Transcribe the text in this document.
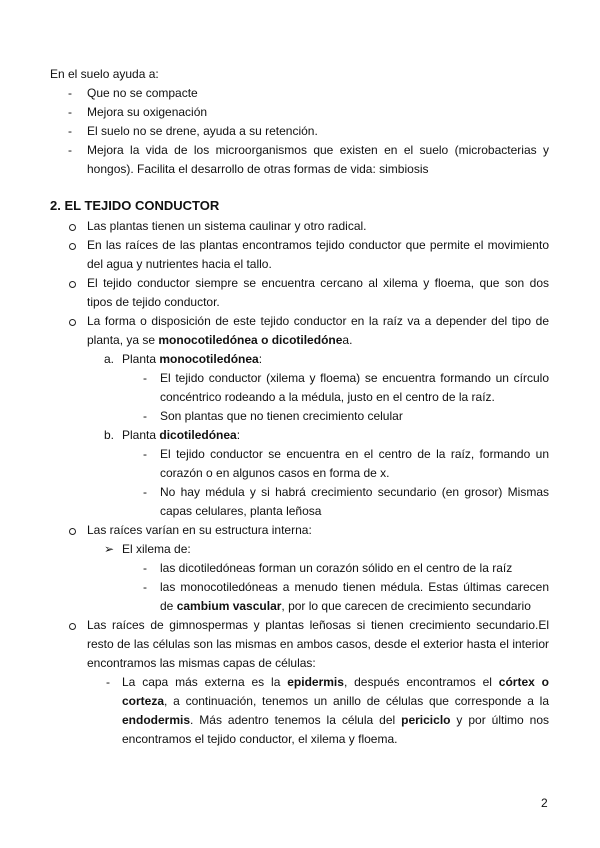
En el suelo ayuda a:

- Que no se compacte

- Mejora su oxigenación

- El suelo no se drene, ayuda a su retención.

- Mejora la vida de los microorganismos que existen en el suelo (microbacterias y

hongos). Facilita el desarrollo de otras formas de vida: simbiosis

2. EL TEJIDO CONDUCTOR

Las plantas tienen un sistema caulinar y otro radical.

En las raíces de las plantas encontramos tejido conductor que permite el movimiento

del agua y nutrientes hacia el tallo.

El tejido conductor siempre se encuentra cercano al xilema y floema, que son dos

tipos de tejido conductor.

La forma o disposición de este tejido conductor en la raíz va a depender del tipo de

planta, ya se monocotiledónea o dicotiledónea.

a. Planta monocotiledónea:

- El tejido conductor (xilema y floema) se encuentra formando un círculo

concéntrico rodeando a la médula, justo en el centro de la raíz.

- Son plantas que no tienen crecimiento celular

b. Planta dicotiledónea:

- El tejido conductor se encuentra en el centro de la raíz, formando un

corazón o en algunos casos en forma de x.

- No hay médula y si habrá crecimiento secundario (en grosor) Mismas

capas celulares, planta leñosa

Las raíces varían en su estructura interna:

➢ El xilema de:

- las dicotiledóneas forman un corazón sólido en el centro de la raíz

- las monocotiledóneas a menudo tienen médula. Estas últimas carecen

de cambium vascular, por lo que carecen de crecimiento secundario

Las raíces de gimnospermas y plantas leñosas si tienen crecimiento secundario.El

resto de las células son las mismas en ambos casos, desde el exterior hasta el interior

encontramos las mismas capas de células:

- La capa más externa es la epidermis, después encontramos el córtex o

corteza, a continuación, tenemos un anillo de células que corresponde a la

endodermis. Más adentro tenemos la célula del periciclo y por último nos

encontramos el tejido conductor, el xilema y floema.

2
